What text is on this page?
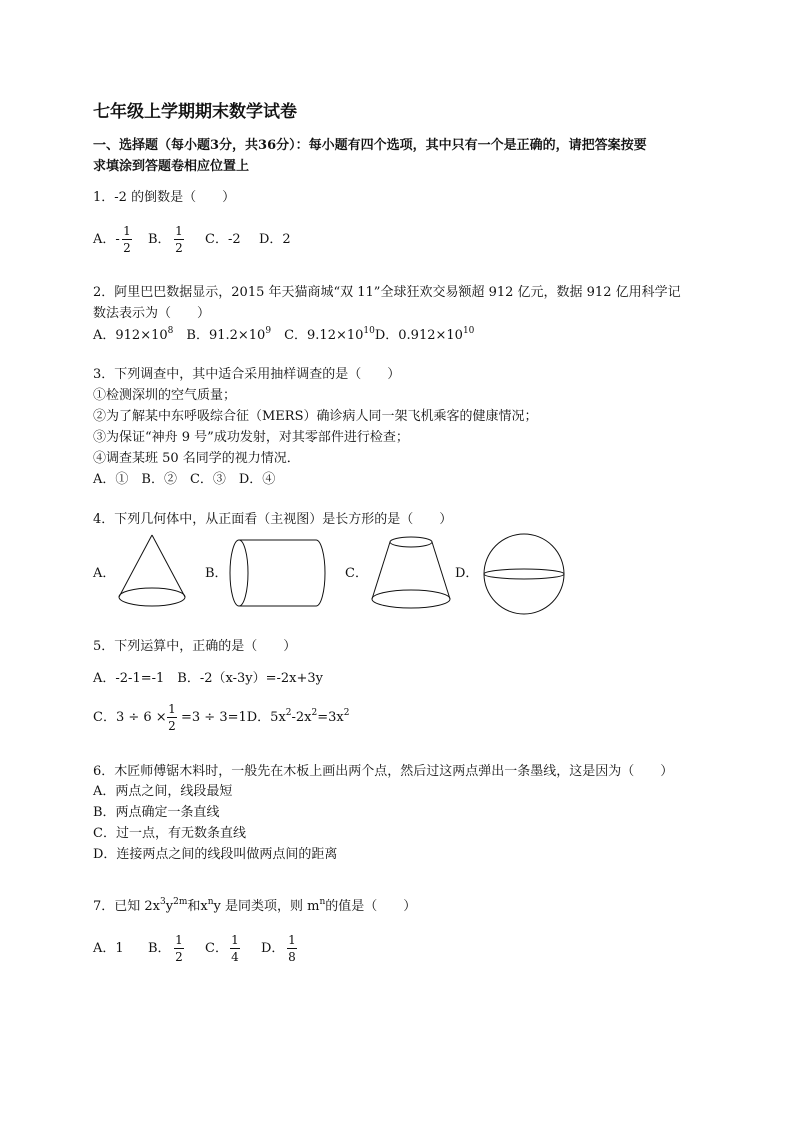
七年级上学期期末数学试卷
一、选择题（每小题3分，共36分）：每小题有四个选项，其中只有一个是正确的，请把答案按要
求填涂到答题卷相应位置上
1．-2 的倒数是（　　）
A．-
1
2
B．
1
2
C．-2 D．2
2．阿里巴巴数据显示，2015 年天猫商城“双 11”全球狂欢交易额超 912 亿元，数据 912 亿用科学记
数法表示为（　　）
A．$912\times 10^8$　 B．$91.2\times 10^9$　 C．$9.12\times 10^{10}D$．$0.912\times 10^{10}$
3．下列调查中，其中适合采用抽样调查的是（　　）
①检测深圳的空气质量；
②为了解某中东呼吸综合征（MERS）确诊病人同一架飞机乘客的健康情况；
③为保证“神舟 9 号”成功发射，对其零部件进行检查；
④调查某班 50 名同学的视力情况．
A．①　B．②　C．③　D．④
4．下列几何体中，从正面看（主视图）是长方形的是（　　）
A．	B．	C．	D．
5．下列运算中，正确的是（　　）
A．-2-1=-1　B．-2（x-3y）=-2x+3y
C．3 ÷ 6 ×
1
2
=3 ÷ 3=1D．$5x^2-2x^2=3x^2$
6．木匠师傅锯木料时，一般先在木板上画出两个点，然后过这两点弹出一条墨线，这是因为（　　）
A．两点之间，线段最短
B．两点确定一条直线
C．过一点，有无数条直线
D．连接两点之间的线段叫做两点间的距离
7．已知 $2x^3y^{2m}$和$x^ny$ 是同类项，则 $m^n$的值是（　　）
A．1 B．
1
2
C．
1
4
D．
1
8
